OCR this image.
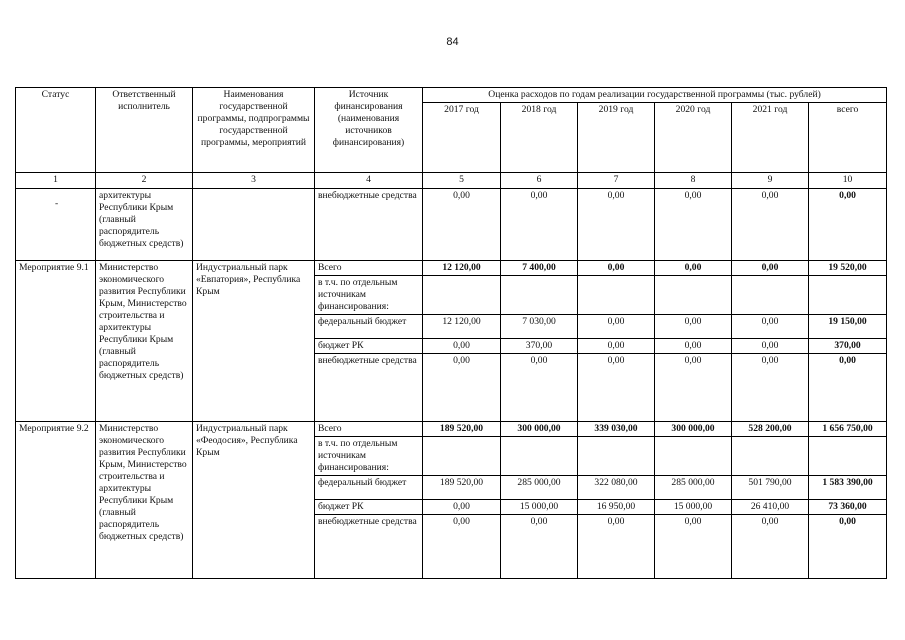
84
Статус	Ответственный исполнитель	Наименования государственной программы, подпрограммы государственной программы, мероприятий	Источник финансирования (наименования источников финансирования)	Оценка расходов по годам реализации государственной программы (тыс. рублей)					
				2017 год	2018 год	2019 год	2020 год	2021 год	всего
1	2	3	4	5	6	7	8	9	10

-	архитектуры Республики Крым (главный распорядитель бюджетных средств)		внебюджетные средства	0,00	0,00	0,00	0,00	0,00	0,00
Мероприятие 9.1	Министерство экономического развития Республики Крым, Министерство строительства и архитектуры Республики Крым (главный распорядитель бюджетных средств)	Индустриальный парк «Евпатория», Республика Крым	Всего	12 120,00	7 400,00	0,00	0,00	0,00	19 520,00
			в т.ч. по отдельным источникам финансирования:						
			федеральный бюджет	12 120,00	7 030,00	0,00	0,00	0,00	19 150,00
			бюджет РК	0,00	370,00	0,00	0,00	0,00	370,00
			внебюджетные средства	0,00	0,00	0,00	0,00	0,00	0,00
Мероприятие 9.2	Министерство экономического развития Республики Крым, Министерство строительства и архитектуры Республики Крым (главный распорядитель бюджетных средств)	Индустриальный парк «Феодосия», Республика Крым	Всего	189 520,00	300 000,00	339 030,00	300 000,00	528 200,00	1 656 750,00
			в т.ч. по отдельным источникам финансирования:						
			федеральный бюджет	189 520,00	285 000,00	322 080,00	285 000,00	501 790,00	1 583 390,00
			бюджет РК	0,00	15 000,00	16 950,00	15 000,00	26 410,00	73 360,00
			внебюджетные средства	0,00	0,00	0,00	0,00	0,00	0,00
